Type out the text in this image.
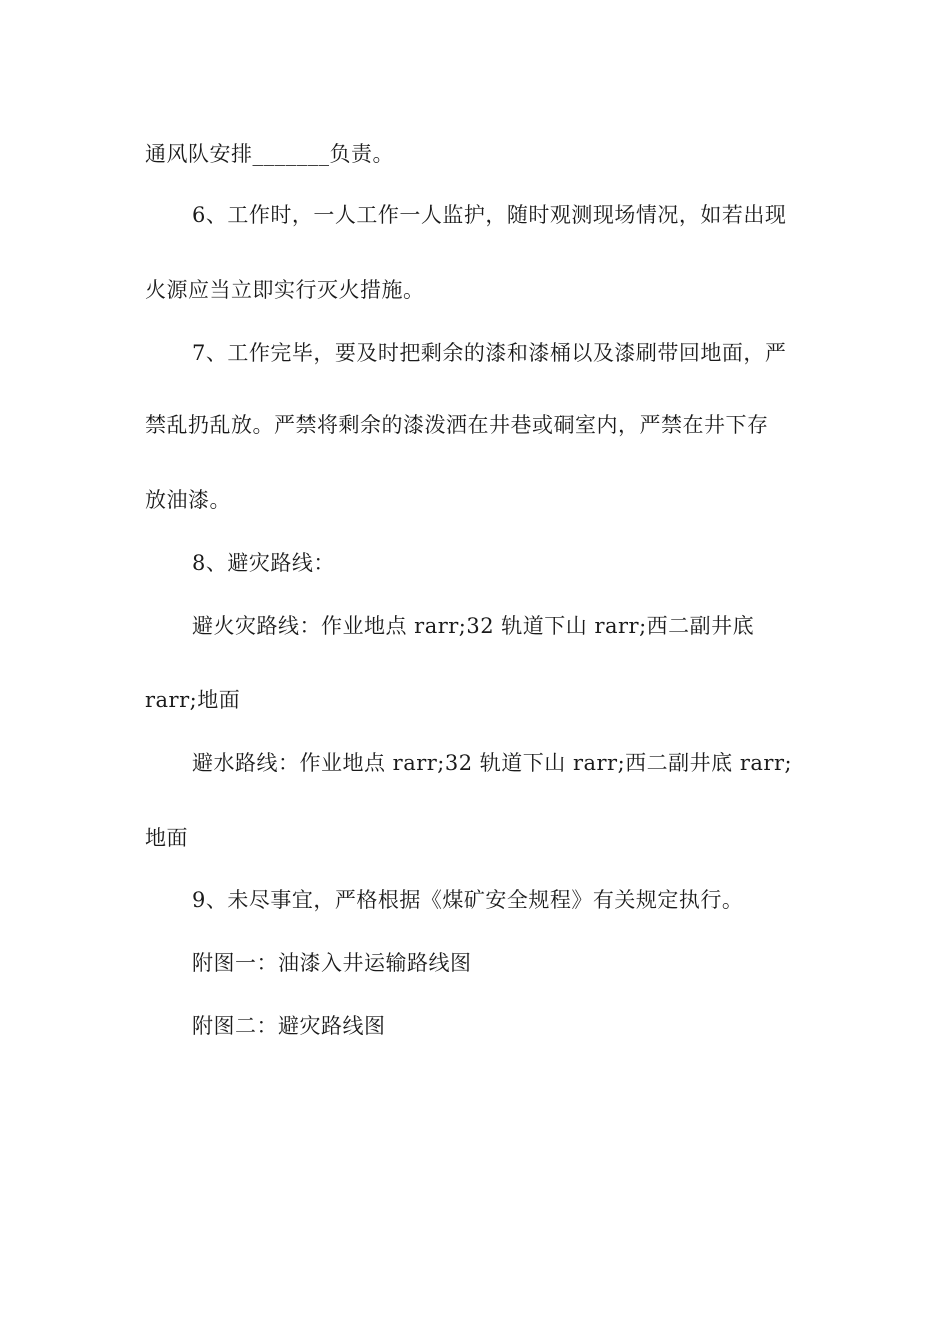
通风队安排_______负责。
6、工作时，一人工作一人监护，随时观测现场情况，如若出现
火源应当立即实行灭火措施。
7、工作完毕，要及时把剩余的漆和漆桶以及漆刷带回地面，严
禁乱扔乱放。严禁将剩余的漆泼洒在井巷或硐室内，严禁在井下存
放油漆。
8、避灾路线：
避火灾路线：作业地点 rarr;32 轨道下山 rarr;西二副井底
rarr;地面
避水路线：作业地点 rarr;32 轨道下山 rarr;西二副井底 rarr;
地面
9、未尽事宜，严格根据《煤矿安全规程》有关规定执行。
附图一：油漆入井运输路线图
附图二：避灾路线图
